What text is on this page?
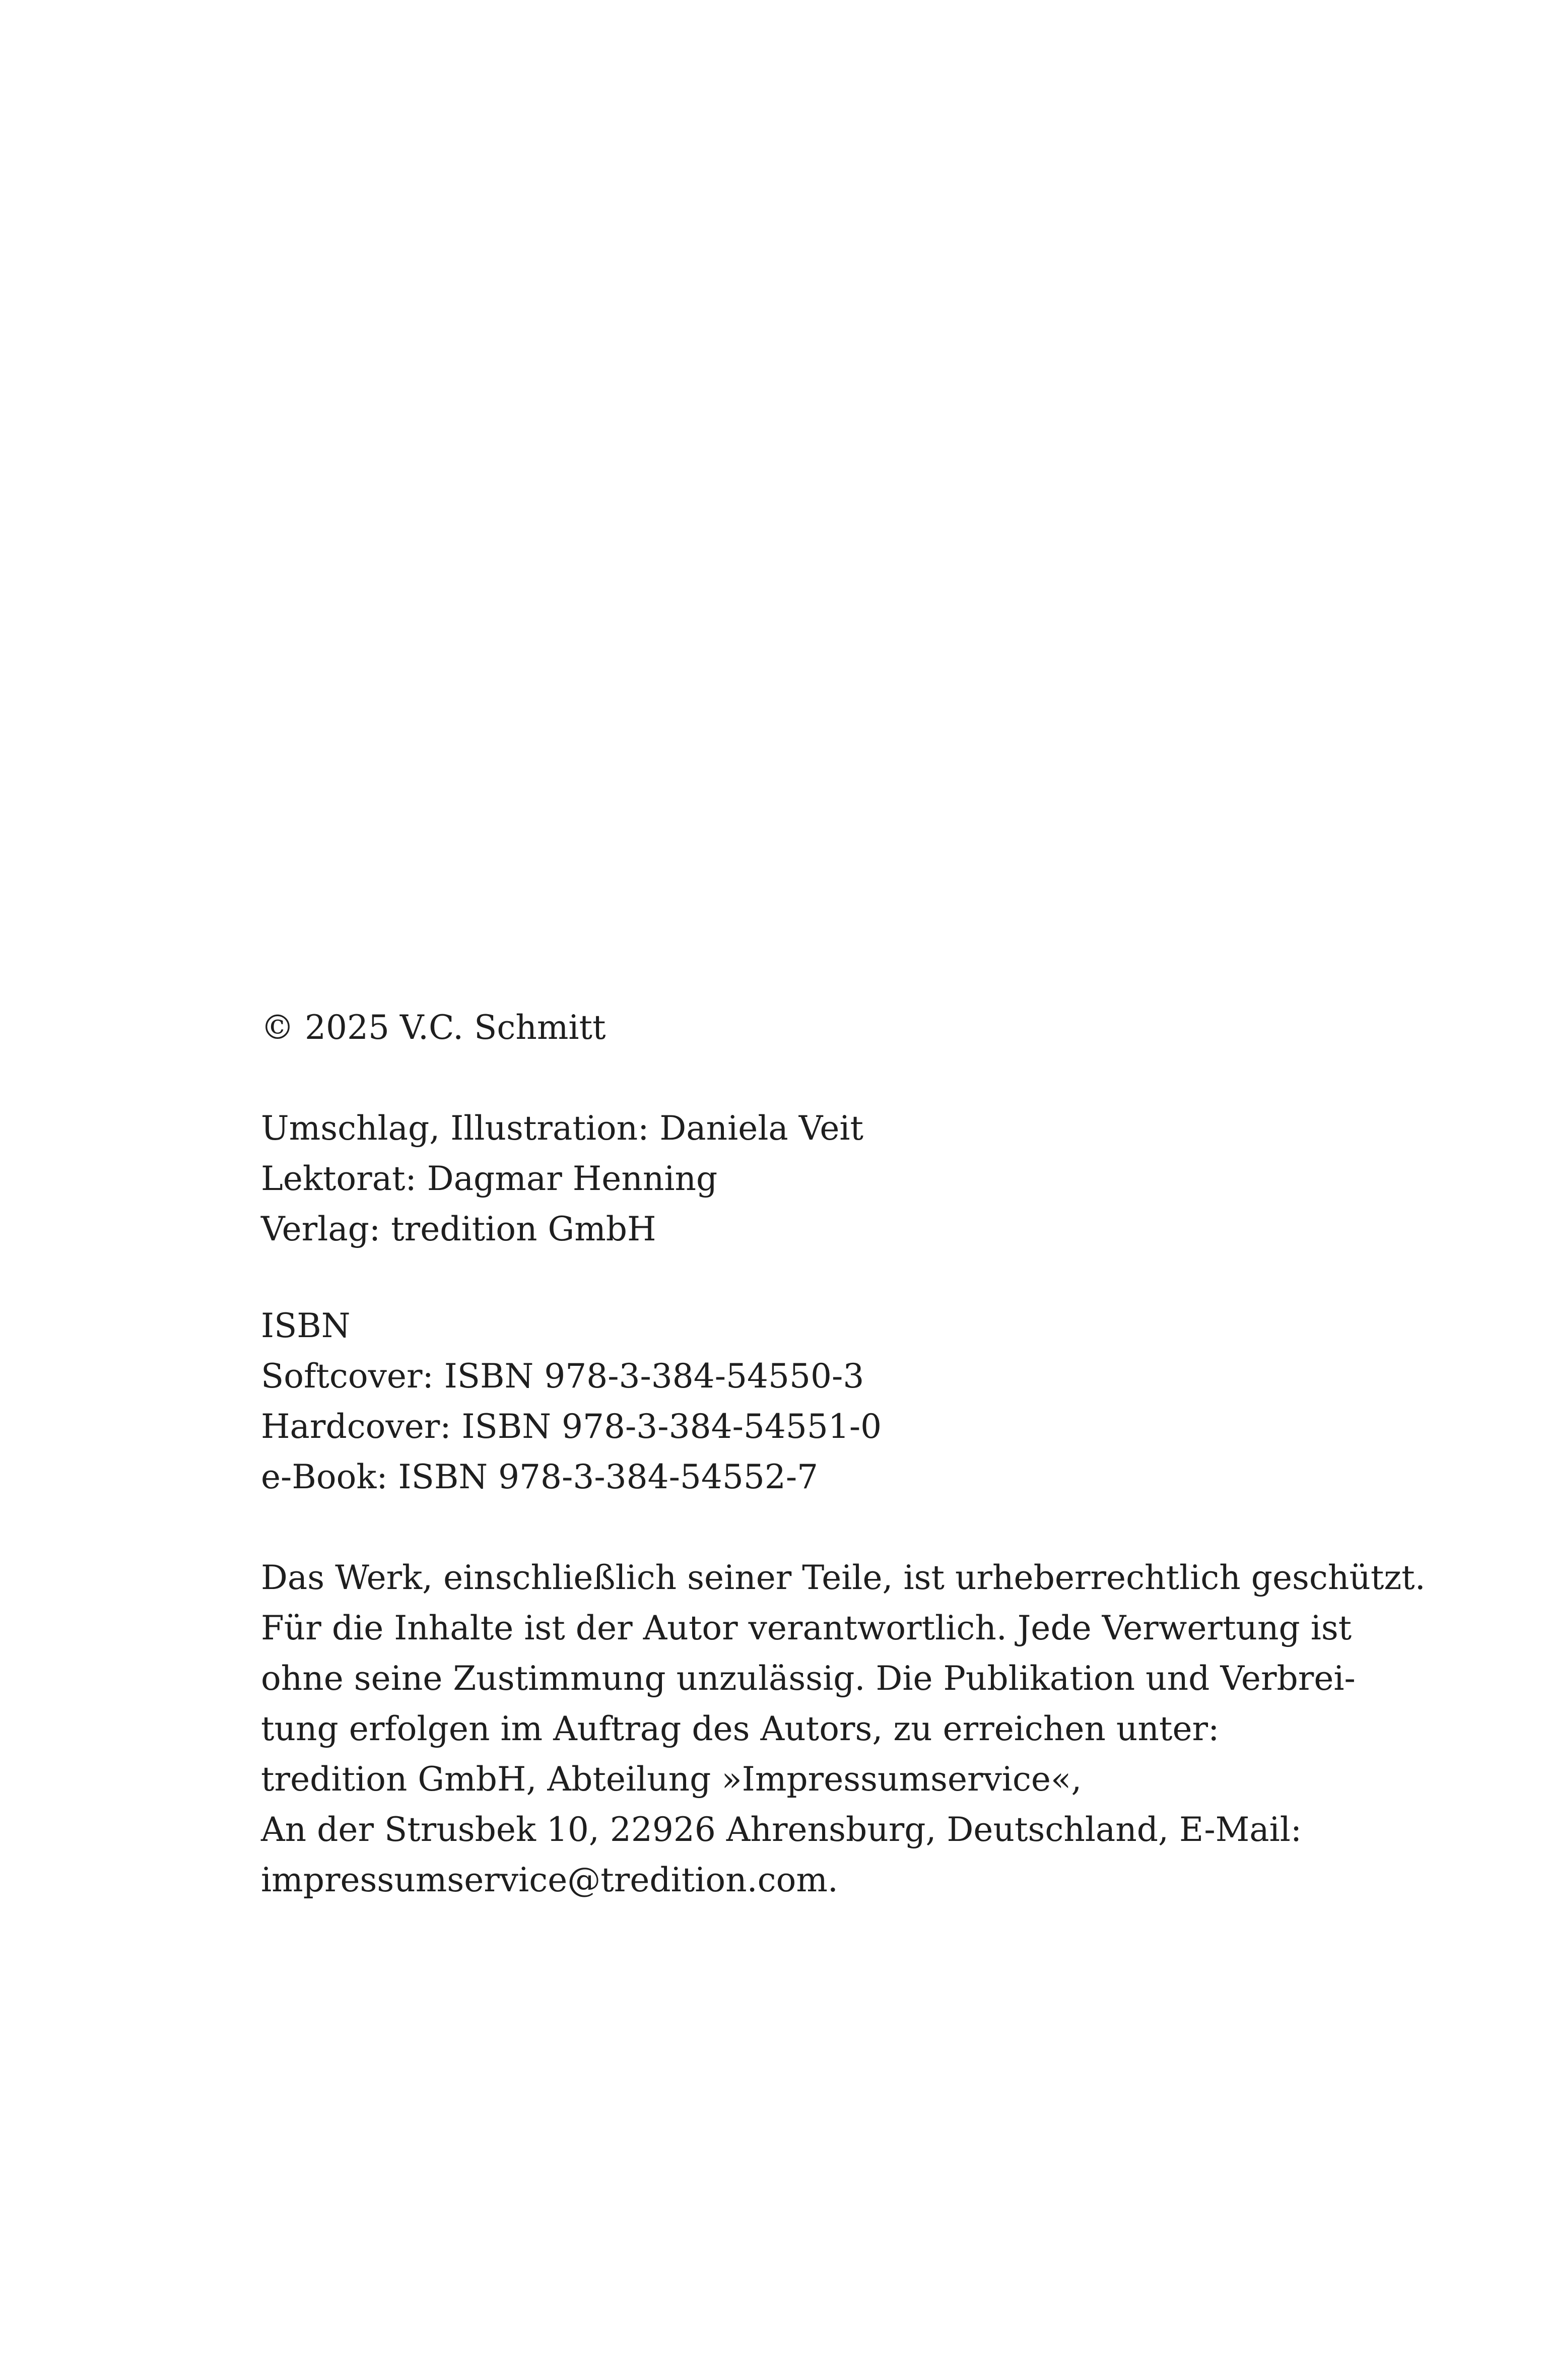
© 2025 V.C. Schmitt

Umschlag, Illustration: Daniela Veit

Lektorat: Dagmar Henning

Verlag: tredition GmbH

ISBN

Softcover: ISBN 978-3-384-54550-3

Hardcover: ISBN 978-3-384-54551-0

e-Book: ISBN 978-3-384-54552-7

Das Werk, einschließlich seiner Teile, ist urheberrechtlich geschützt.

Für die Inhalte ist der Autor verantwortlich. Jede Verwertung ist

ohne seine Zustimmung unzulässig. Die Publikation und Verbrei-

tung erfolgen im Auftrag des Autors, zu erreichen unter:

tredition GmbH, Abteilung »Impressumservice«,

An der Strusbek 10, 22926 Ahrensburg, Deutschland, E-Mail:

impressumservice@tredition.com.
